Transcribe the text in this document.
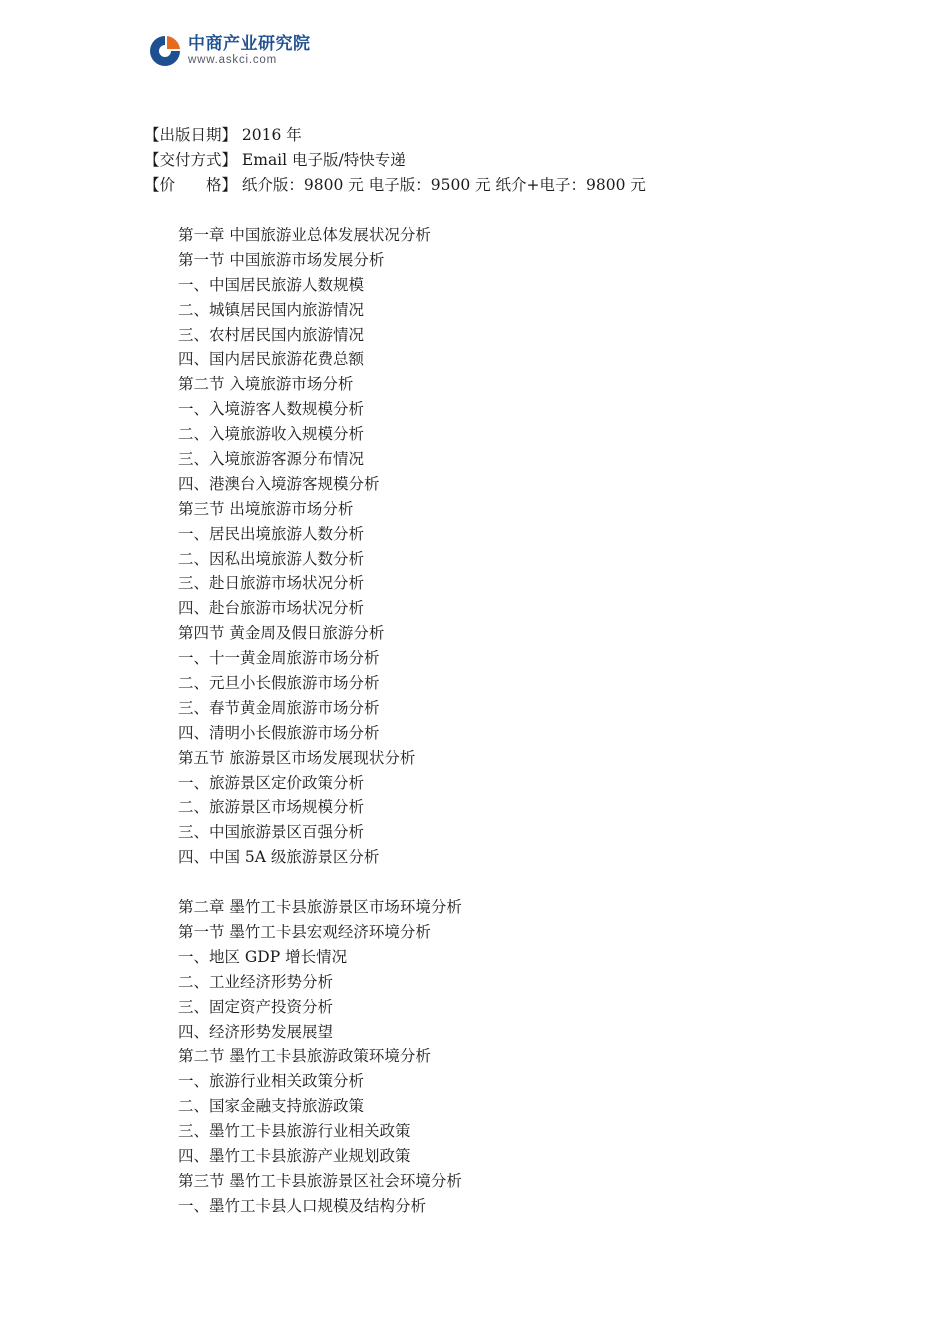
中商产业研究院
www.askci.com
【出版日期】 2016 年
【交付方式】 Email 电子版/特快专递
【价　　格】 纸介版：9800 元 电子版：9500 元 纸介+电子：9800 元
第一章 中国旅游业总体发展状况分析
第一节 中国旅游市场发展分析
一、中国居民旅游人数规模
二、城镇居民国内旅游情况
三、农村居民国内旅游情况
四、国内居民旅游花费总额
第二节 入境旅游市场分析
一、入境游客人数规模分析
二、入境旅游收入规模分析
三、入境旅游客源分布情况
四、港澳台入境游客规模分析
第三节 出境旅游市场分析
一、居民出境旅游人数分析
二、因私出境旅游人数分析
三、赴日旅游市场状况分析
四、赴台旅游市场状况分析
第四节 黄金周及假日旅游分析
一、十一黄金周旅游市场分析
二、元旦小长假旅游市场分析
三、春节黄金周旅游市场分析
四、清明小长假旅游市场分析
第五节 旅游景区市场发展现状分析
一、旅游景区定价政策分析
二、旅游景区市场规模分析
三、中国旅游景区百强分析
四、中国 5A 级旅游景区分析
第二章 墨竹工卡县旅游景区市场环境分析
第一节 墨竹工卡县宏观经济环境分析
一、地区 GDP 增长情况
二、工业经济形势分析
三、固定资产投资分析
四、经济形势发展展望
第二节 墨竹工卡县旅游政策环境分析
一、旅游行业相关政策分析
二、国家金融支持旅游政策
三、墨竹工卡县旅游行业相关政策
四、墨竹工卡县旅游产业规划政策
第三节 墨竹工卡县旅游景区社会环境分析
一、墨竹工卡县人口规模及结构分析
